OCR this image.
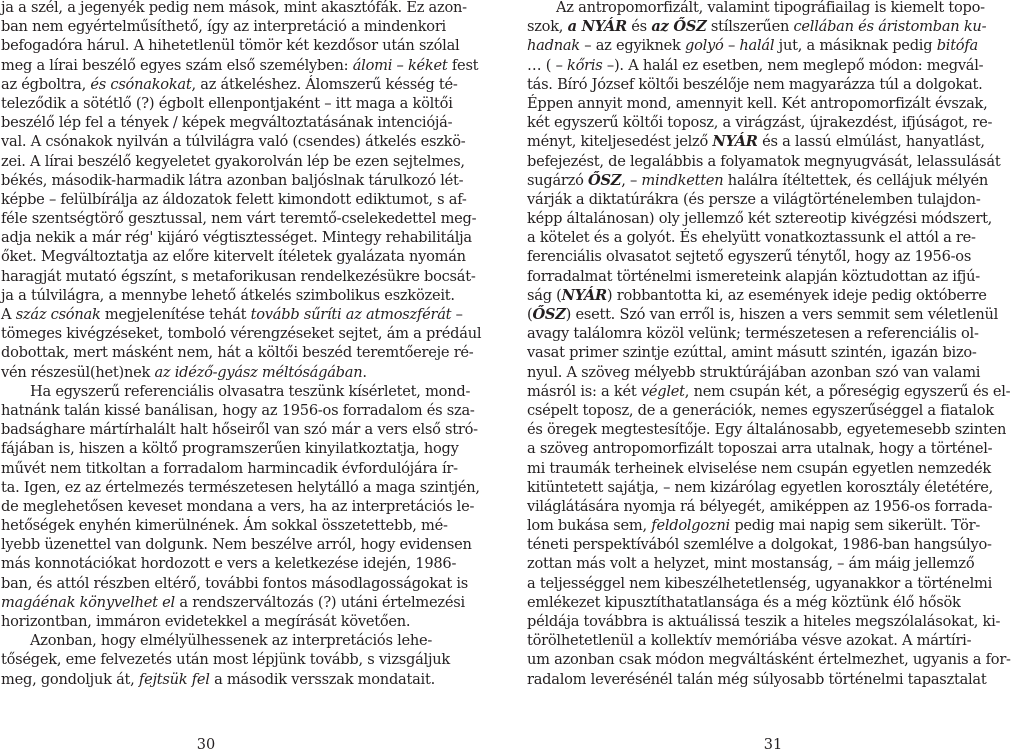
ja a szél, a jegenyék pedig nem mások, mint akasztófák. Ez azon-
ban nem egyértelműsíthető, így az interpretáció a mindenkori
befogadóra hárul. A hihetetlenül tömör két kezdősor után szólal
meg a lírai beszélő egyes szám első személyben: álomi – kéket fest
az égboltra, és csónakokat, az átkeléshez. Álomszerű késség té-
teleződik a sötétlő (?) égbolt ellenpontjaként – itt maga a költői
beszélő lép fel a tények / képek megváltoztatásának intenciójá-
val. A csónakok nyilván a túlvilágra való (csendes) átkelés eszkö-
zei. A lírai beszélő kegyeletet gyakorolván lép be ezen sejtelmes,
békés, második-harmadik látra azonban baljóslnak tárulkozó lét-
képbe – felülbírálja az áldozatok felett kimondott ediktumot, s af-
féle szentségtörő gesztussal, nem várt teremtő-cselekedettel meg-
adja nekik a már rég' kijáró végtisztességet. Mintegy rehabilitálja
őket. Megváltoztatja az előre kitervelt ítéletek gyalázata nyomán
haragját mutató égszínt, s metaforikusan rendelkezésükre bocsát-
ja a túlvilágra, a mennybe lehető átkelés szimbolikus eszközeit.
A száz csónak megjelenítése tehát tovább sűríti az atmoszférát –
tömeges kivégzéseket, tomboló vérengzéseket sejtet, ám a prédául
dobottak, mert másként nem, hát a költői beszéd teremtőereje ré-
vén részesül(het)nek az idéző-gyász méltóságában.
Ha egyszerű referenciális olvasatra teszünk kísérletet, mond-
hatnánk talán kissé banálisan, hogy az 1956-os forradalom és sza-
badsághare mártírhalált halt hőseiről van szó már a vers első stró-
fájában is, hiszen a költő programszerűen kinyilatkoztatja, hogy
művét nem titkoltan a forradalom harmincadik évfordulójára ír-
ta. Igen, ez az értelmezés természetesen helytálló a maga szintjén,
de meglehetősen keveset mondana a vers, ha az interpretációs le-
hetőségek enyhén kimerülnének. Ám sokkal összetettebb, mé-
lyebb üzenettel van dolgunk. Nem beszélve arról, hogy evidensen
más konnotációkat hordozott e vers a keletkezése idején, 1986-
ban, és attól részben eltérő, további fontos másodlagosságokat is
magáénak könyvelhet el a rendszerváltozás (?) utáni értelmezési
horizontban, immáron evidetekkel a megírását követően.
Azonban, hogy elmélyülhessenek az interpretációs lehe-
tőségek, eme felvezetés után most lépjünk tovább, s vizsgáljuk
meg, gondoljuk át, fejtsük fel a második versszak mondatait.
30
Az antropomorfizált, valamint tipográfiailag is kiemelt topo-
szok, a NYÁR és az ŐSZ stílszerűen cellában és áristomban ku-
hadnak – az egyiknek golyó – halál jut, a másiknak pedig bitófa
… ( – kőris –). A halál ez esetben, nem meglepő módon: megvál-
tás. Bíró József költői beszélője nem magyarázza túl a dolgokat.
Éppen annyit mond, amennyit kell. Két antropomorfizált évszak,
két egyszerű költői toposz, a virágzást, újrakezdést, ifjúságot, re-
ményt, kiteljesedést jelző NYÁR és a lassú elmúlást, hanyatlást,
befejezést, de legalábbis a folyamatok megnyugvását, lelassulását
sugárzó ŐSZ, – mindketten halálra ítéltettek, és cellájuk mélyén
várják a diktatúrákra (és persze a világtörténelemben tulajdon-
képp általánosan) oly jellemző két sztereotip kivégzési módszert,
a kötelet és a golyót. És ehelyütt vonatkoztassunk el attól a re-
ferenciális olvasatot sejtető egyszerű ténytől, hogy az 1956-os
forradalmat történelmi ismereteink alapján köztudottan az ifjú-
ság (NYÁR) robbantotta ki, az események ideje pedig októberre
(ŐSZ) esett. Szó van erről is, hiszen a vers semmit sem véletlenül
avagy találomra közöl velünk; természetesen a referenciális ol-
vasat primer szintje ezúttal, amint másutt szintén, igazán bizo-
nyul. A szöveg mélyebb struktúrájában azonban szó van valami
másról is: a két véglet, nem csupán két, a pőreségig egyszerű és el-
csépelt toposz, de a generációk, nemes egyszerűséggel a fiatalok
és öregek megtestesítője. Egy általánosabb, egyetemesebb szinten
a szöveg antropomorfizált toposzai arra utalnak, hogy a történel-
mi traumák terheinek elviselése nem csupán egyetlen nemzedék
kitüntetett sajátja, – nem kizárólag egyetlen korosztály életétére,
világlátására nyomja rá bélyegét, amiképpen az 1956-os forrada-
lom bukása sem, feldolgozni pedig mai napig sem sikerült. Tör-
téneti perspektívából szemlélve a dolgokat, 1986-ban hangsúlyo-
zottan más volt a helyzet, mint mostanság, – ám máig jellemző
a teljességgel nem kibeszélhetetlenség, ugyanakkor a történelmi
emlékezet kipusztíthatatlansága és a még köztünk élő hősök
példája továbbra is aktuálissá teszik a hiteles megszólalásokat, ki-
törölhetetlenül a kollektív memóriába vésve azokat. A mártíri-
um azonban csak módon megváltásként értelmezhet, ugyanis a for-
radalom leverésénél talán még súlyosabb történelmi tapasztalat
31
